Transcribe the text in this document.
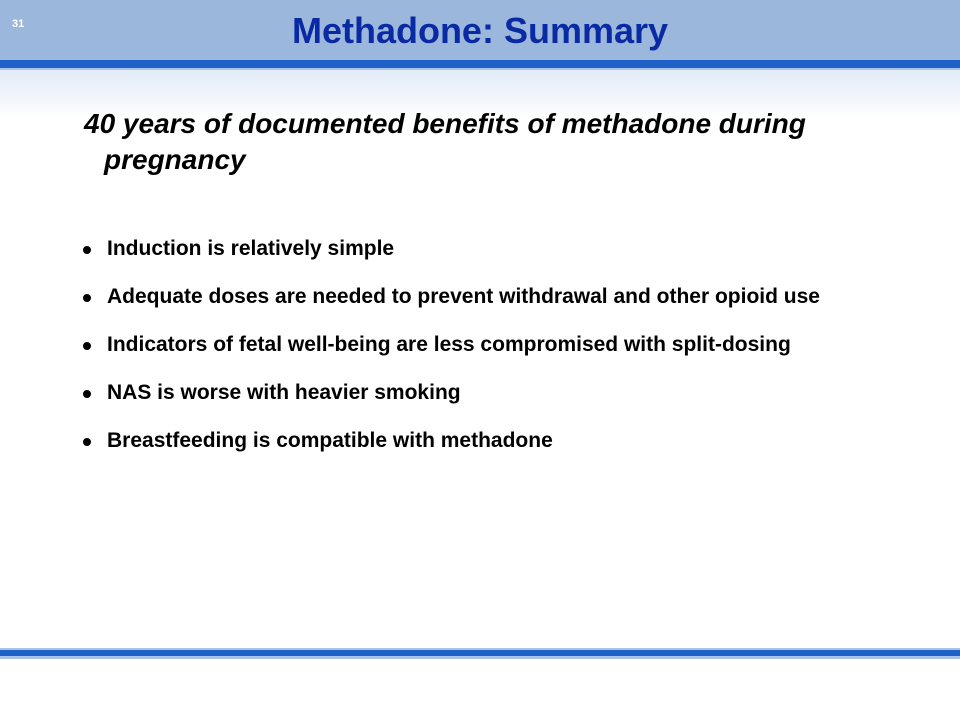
31	Methadone: Summary
40 years of documented benefits of methadone during pregnancy
Induction is relatively simple
Adequate doses are needed to prevent withdrawal and other opioid use
Indicators of fetal well-being are less compromised with split-dosing
NAS is worse with heavier smoking
Breastfeeding is compatible with methadone
